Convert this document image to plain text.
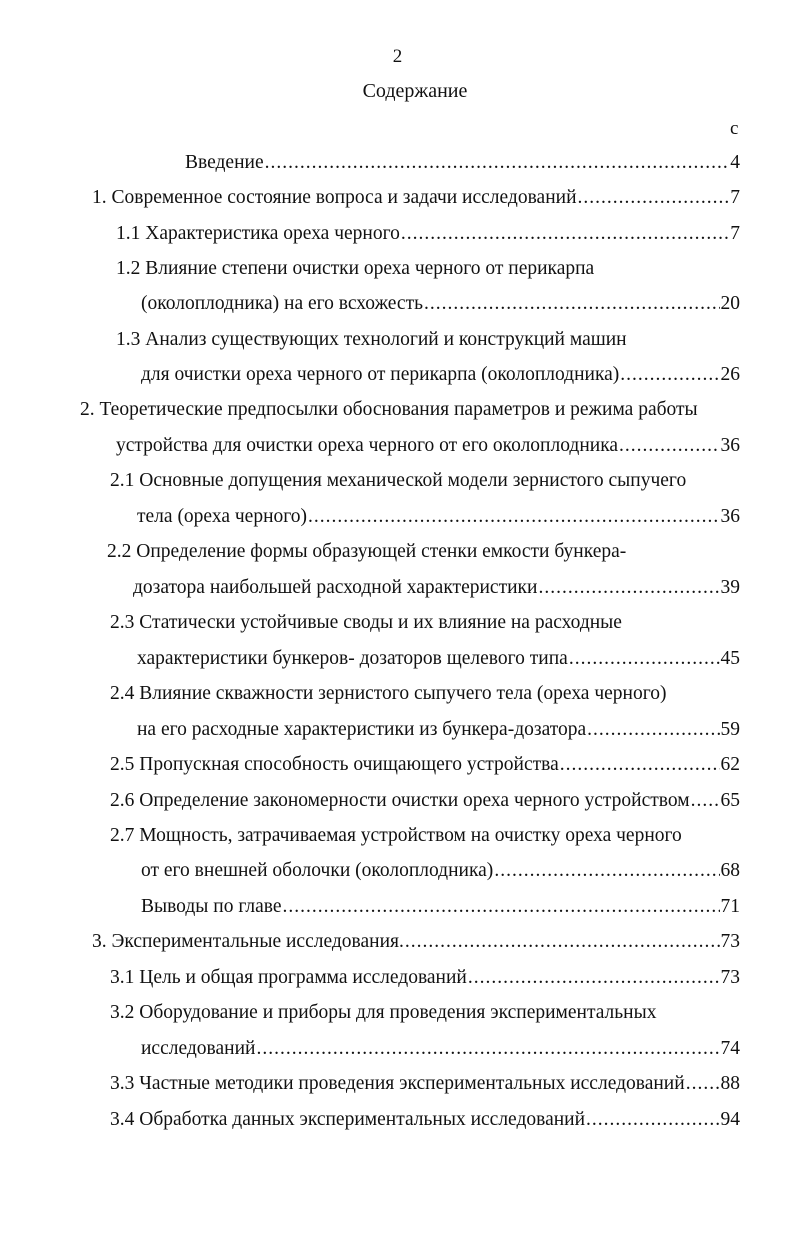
2
Содержание
с
Введение .....	4
1. Современное состояние вопроса и задачи исследований .....	7
1.1 Характеристика ореха черного .....	7
1.2 Влияние степени очистки ореха черного от перикарпа
(околоплодника) на его всхожесть .....	20
1.3 Анализ существующих технологий и конструкций машин
для очистки ореха черного от перикарпа (околоплодника) .....	26
2. Теоретические предпосылки обоснования параметров и режима работы
устройства для очистки ореха черного от его околоплодника .....	36
2.1 Основные допущения механической модели зернистого сыпучего
тела (ореха черного) .....	36
2.2 Определение формы образующей стенки емкости бункера-
дозатора наибольшей расходной характеристики .....	39
2.3 Статически устойчивые своды и их влияние на расходные
характеристики бункеров- дозаторов щелевого типа .....	45
2.4 Влияние скважности зернистого сыпучего тела (ореха черного)
на его расходные характеристики из бункера-дозатора .....	59
2.5 Пропускная способность очищающего устройства .....	62
2.6 Определение закономерности очистки ореха черного устройством ..... 65
2.7 Мощность, затрачиваемая устройством на очистку ореха черного
от его внешней оболочки (околоплодника) .....	68
Выводы по главе .....	71
3. Экспериментальные исследования. .....	73
3.1 Цель и общая программа исследований .....	73
3.2 Оборудование и приборы для проведения экспериментальных
исследований .....	74
3.3 Частные методики проведения экспериментальных исследований ..... 88
3.4 Обработка данных экспериментальных исследований .....	94
